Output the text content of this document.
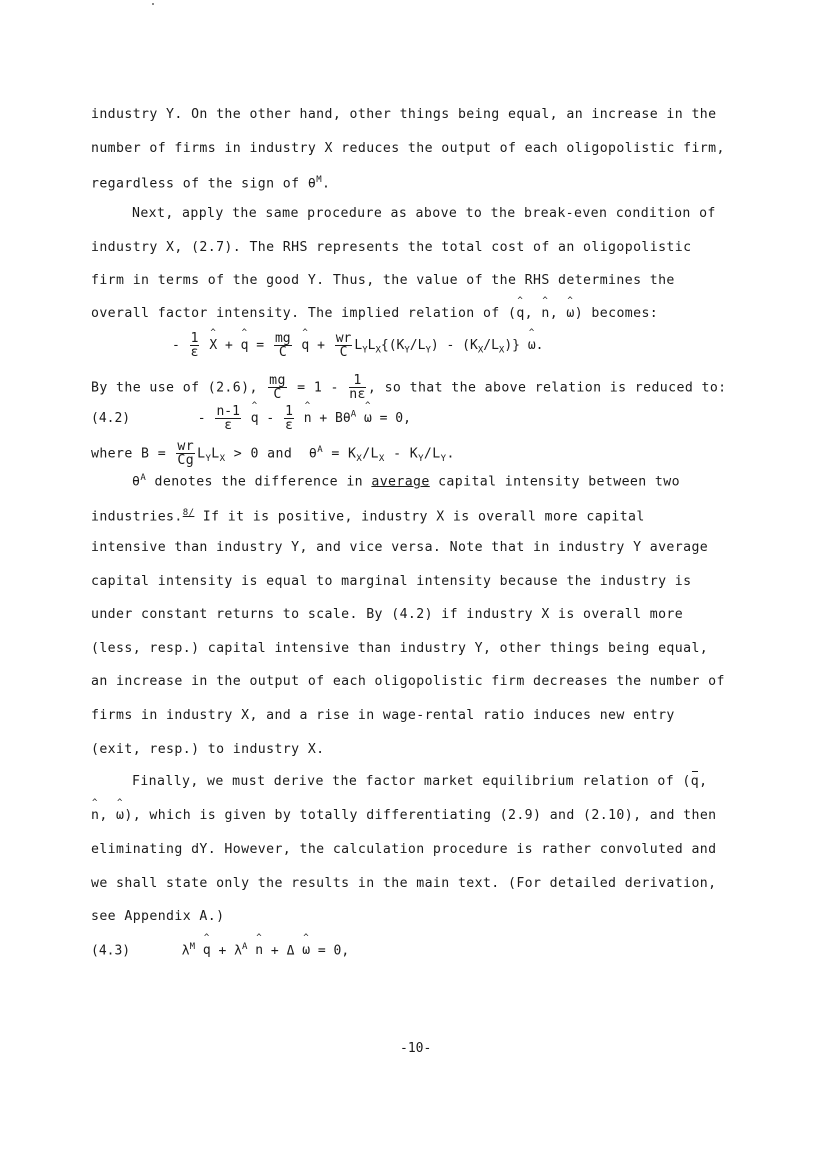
industry Y. On the other hand, other things being equal, an increase in the
number of firms in industry X reduces the output of each oligopolistic firm,
regardless of the sign of $\theta^M$.
Next, apply the same procedure as above to the break-even condition of
industry X, (2.7). The RHS represents the total cost of an oligopolistic
firm in terms of the good Y. Thus, the value of the RHS determines the
overall factor intensity. The implied relation of (^ q, ^ n, ^ ω) becomes:
- $\frac{1}{\varepsilon}$ ^ X + ^ $q = \frac{mg}{C}$ ^ $q + \frac{wr}{C} L_YL_X\{(K_Y/L_Y) - (K_X/L_X)\}$ ^ ω.
By the use of (2.6), $\frac{mg}{C} = 1 - \frac{1}{n\varepsilon}$ , so that the above relation is reduced to:
(4.2)	- $\frac{n-1}{\varepsilon}$ ^ q - $\frac{1}{\varepsilon}$ ^ $n + B\theta^A$ ^ ω = 0,
where $B = \frac{wr}{Cg} L_YL_X > 0$ and  $\theta^A = K_X/L_X - K_Y/L_Y$.
$\theta^A$ denotes the difference in average capital intensity between two
industries.$^{8/}$ If it is positive, industry X is overall more capital
intensive than industry Y, and vice versa. Note that in industry Y average
capital intensity is equal to marginal intensity because the industry is
under constant returns to scale. By (4.2) if industry X is overall more
(less, resp.) capital intensive than industry Y, other things being equal,
an increase in the output of each oligopolistic firm decreases the number of
firms in industry X, and a rise in wage-rental ratio induces new entry
(exit, resp.) to industry X.
Finally, we must derive the factor market equilibrium relation of (q,
^ n, ^ ω), which is given by totally differentiating (2.9) and (2.10), and then
eliminating dY. However, the calculation procedure is rather convoluted and
we shall state only the results in the main text. (For detailed derivation,
see Appendix A.)
(4.3)	$\lambda^M$ ^ $q + \lambda^A$ ^ n + Δ ^ ω = 0,
-10-
